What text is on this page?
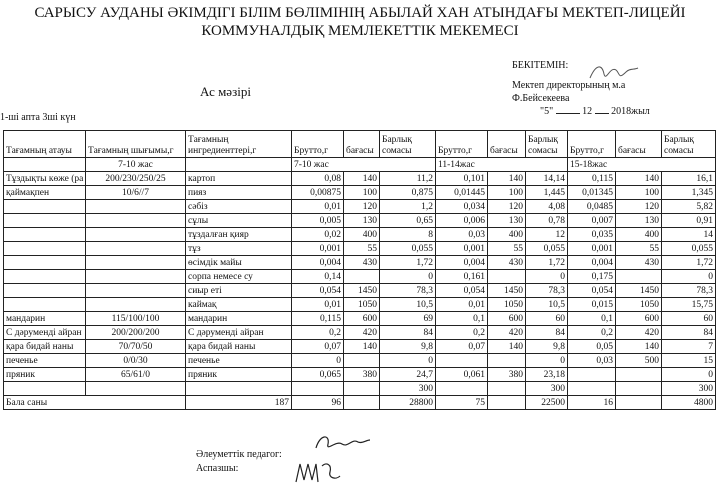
САРЫСУ АУДАНЫ ӘКІМДІГІ БІЛІМ БӨЛІМІНІҢ АБЫЛАЙ ХАН АТЫНДАҒЫ МЕКТЕП-ЛИЦЕЙІ
КОММУНАЛДЫҚ МЕМЛЕКЕТТІК МЕКЕМЕСІ
БЕКІТЕМІН:
Мектеп директорының м.а
Ф.Бейсекеева
"5"	12 2018жыл
Ас мәзірі
1-ші апта 3ші күн
Тағамның атауы	Тағамның шығымы,г	Тағамның ингредиенттері,г	Брутто,г	бағасы	Барлық сомасы	Брутто,г	бағасы	Барлық сомасы	Брутто,г	бағасы	Барлық сомасы
	7-10 жас		7-10 жас			11-14жас			15-18жас		
Тұздықты көже (ра	200/230/250/25	картоп	0,08	140	11,2	0,101	140	14,14	0,115	140	16,1
қаймақпен	10/6//7	пияз	0,00875	100	0,875	0,01445	100	1,445	0,01345	100	1,345
		сәбіз	0,01	120	1,2	0,034	120	4,08	0,0485	120	5,82
		сұлы	0,005	130	0,65	0,006	130	0,78	0,007	130	0,91
		тұздалған қияр	0,02	400	8	0,03	400	12	0,035	400	14
		тұз	0,001	55	0,055	0,001	55	0,055	0,001	55	0,055
		өсімдік майы	0,004	430	1,72	0,004	430	1,72	0,004	430	1,72
		сорпа немесе су	0,14		0	0,161		0	0,175		0
		сиыр еті	0,054	1450	78,3	0,054	1450	78,3	0,054	1450	78,3
		каймақ	0,01	1050	10,5	0,01	1050	10,5	0,015	1050	15,75
мандарин	115/100/100	мандарин	0,115	600	69	0,1	600	60	0,1	600	60
С дәрумендi айран	200/200/200	С дәрумендi айран	0,2	420	84	0,2	420	84	0,2	420	84
қара бидай наны	70/70/50	қара бидай наны	0,07	140	9,8	0,07	140	9,8	0,05	140	7
печенье	0/0/30	печенье	0		0			0	0,03	500	15
пряник	65/61/0	пряник	0,065	380	24,7	0,061	380	23,18			0
					300			300			300
Бала саны		187	96		28800	75		22500	16		4800
Әлеуметтік педагог:
Аспазшы:
